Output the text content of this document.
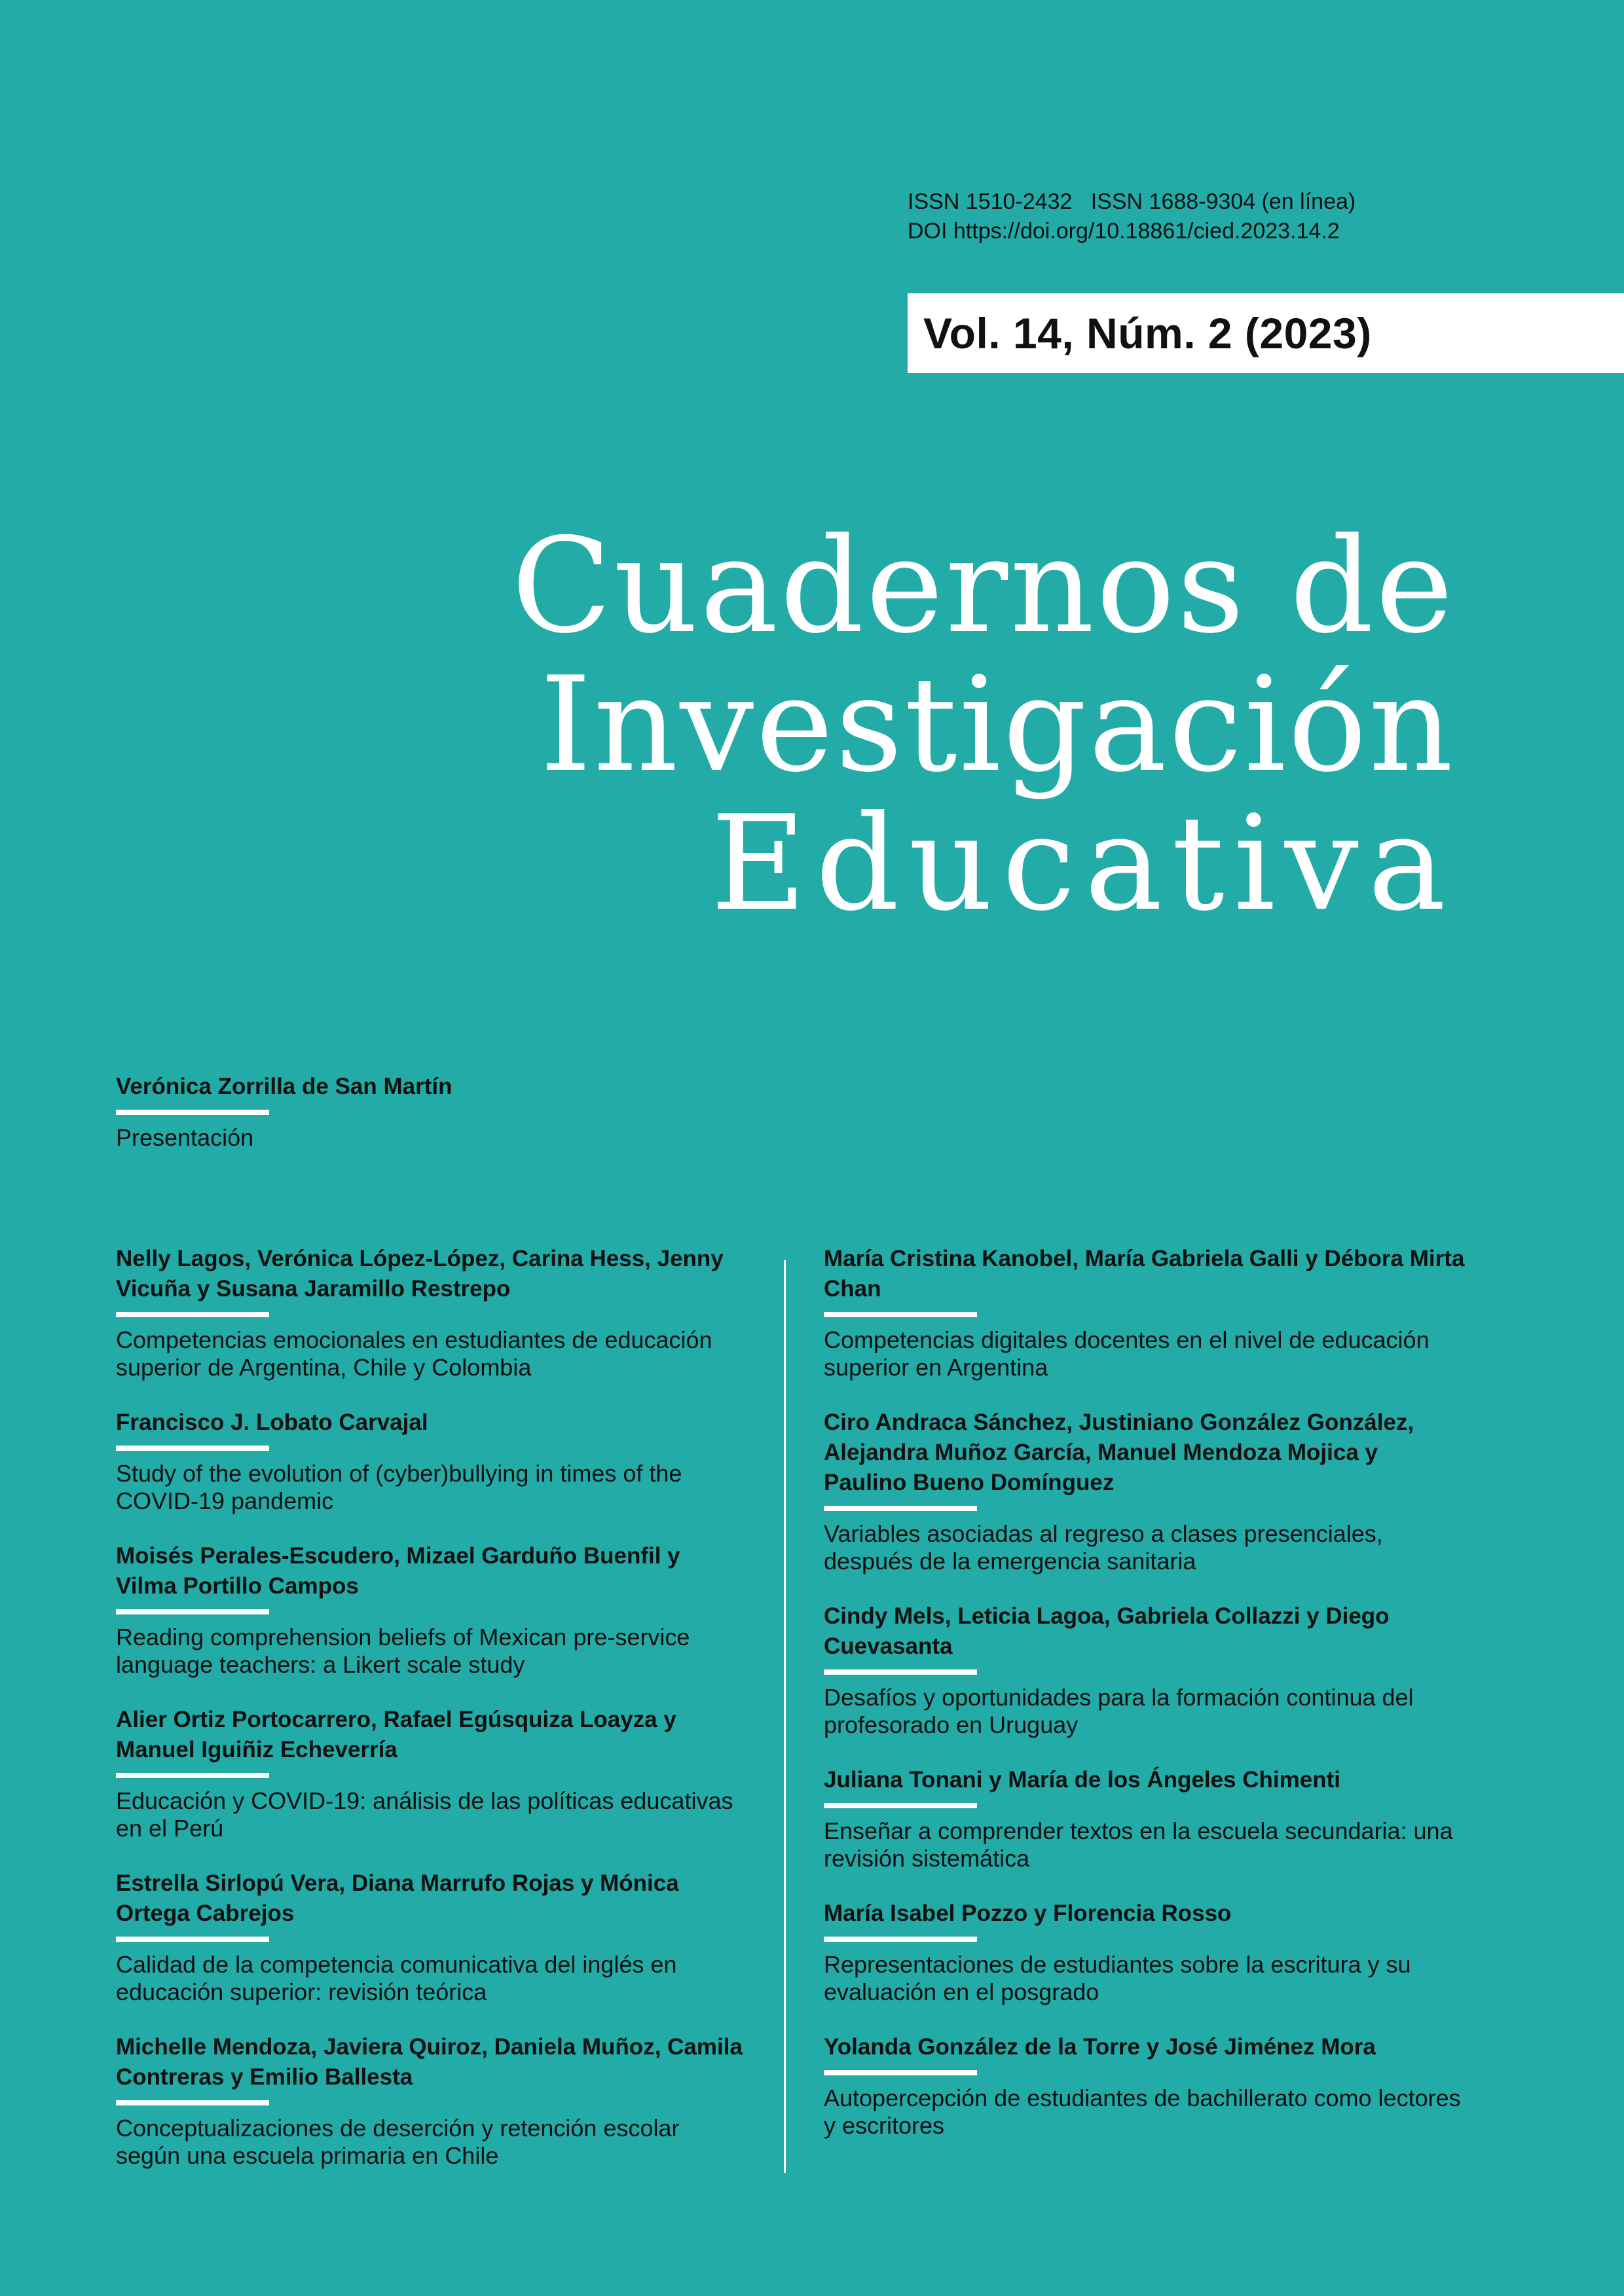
ISSN 1510-2432   ISSN 1688-9304 (en línea)
DOI https://doi.org/10.18861/cied.2023.14.2
Vol. 14, Núm. 2 (2023)
Cuadernos de
Investigación
Educativa
Verónica Zorrilla de San Martín
Presentación
Nelly Lagos, Verónica López-López, Carina Hess, Jenny Vicuña y Susana Jaramillo Restrepo
Competencias emocionales en estudiantes de educación superior de Argentina, Chile y Colombia
Francisco J. Lobato Carvajal
Study of the evolution of (cyber)bullying in times of the COVID-19 pandemic
Moisés Perales-Escudero, Mizael Garduño Buenfil y Vilma Portillo Campos
Reading comprehension beliefs of Mexican pre-service language teachers: a Likert scale study
Alier Ortiz Portocarrero, Rafael Egúsquiza Loayza y Manuel Iguiñiz Echeverría
Educación y COVID-19: análisis de las políticas educativas en el Perú
Estrella Sirlopú Vera, Diana Marrufo Rojas y Mónica Ortega Cabrejos
Calidad de la competencia comunicativa del inglés en educación superior: revisión teórica
Michelle Mendoza, Javiera Quiroz, Daniela Muñoz, Camila Contreras y Emilio Ballesta
Conceptualizaciones de deserción y retención escolar según una escuela primaria en Chile
María Cristina Kanobel, María Gabriela Galli y Débora Mirta Chan
Competencias digitales docentes en el nivel de educación superior en Argentina
Ciro Andraca Sánchez, Justiniano González González, Alejandra Muñoz García, Manuel Mendoza Mojica y Paulino Bueno Domínguez
Variables asociadas al regreso a clases presenciales, después de la emergencia sanitaria
Cindy Mels, Leticia Lagoa, Gabriela Collazzi y Diego Cuevasanta
Desafíos y oportunidades para la formación continua del profesorado en Uruguay
Juliana Tonani y María de los Ángeles Chimenti
Enseñar a comprender textos en la escuela secundaria: una revisión sistemática
María Isabel Pozzo y Florencia Rosso
Representaciones de estudiantes sobre la escritura y su evaluación en el posgrado
Yolanda González de la Torre y José Jiménez Mora
Autopercepción de estudiantes de bachillerato como lectores y escritores
